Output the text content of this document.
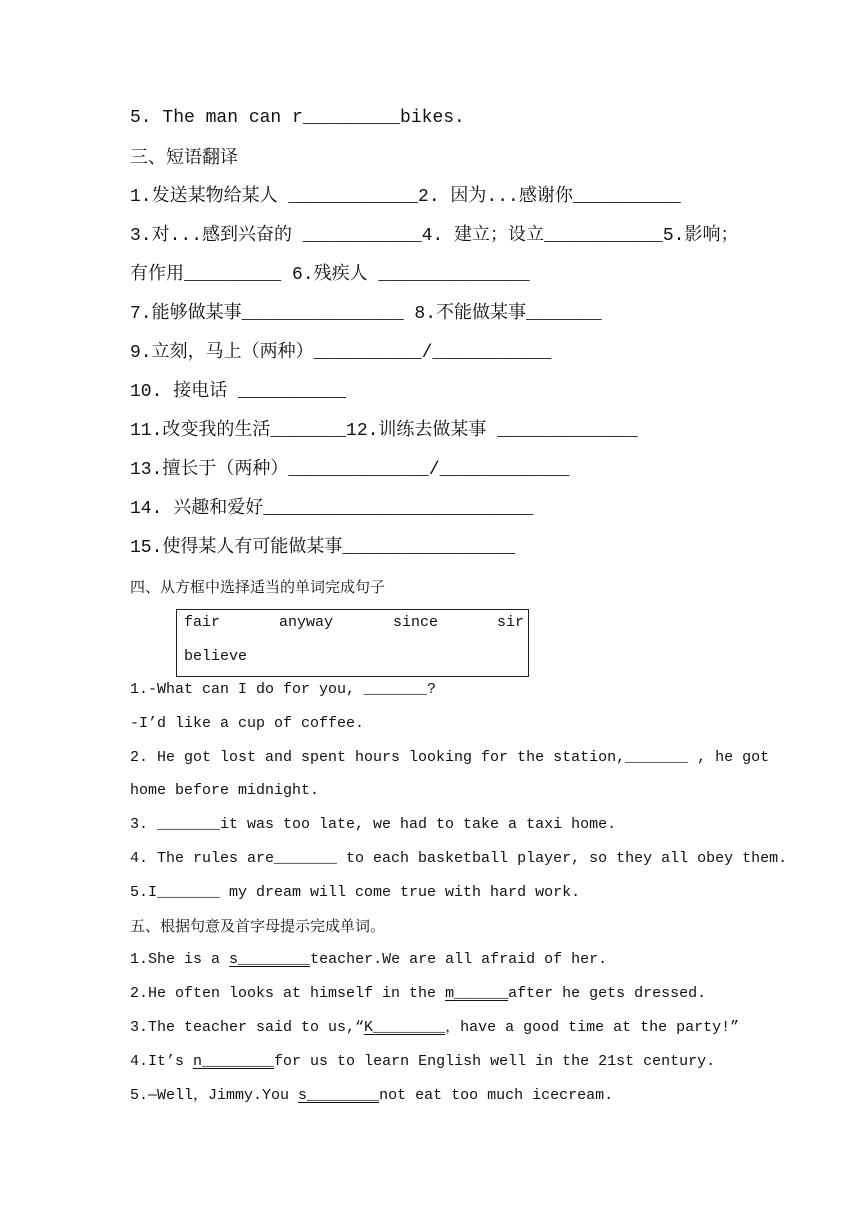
5. The man can r_________bikes.
三、短语翻译
1.发送某物给某人 ____________2. 因为...感谢你__________
3.对...感到兴奋的 ___________4. 建立；设立___________5.影响；
有作用_________ 6.残疾人 ______________
7.能够做某事_______________ 8.不能做某事_______
9.立刻，马上（两种）__________/___________
10. 接电话 __________
11.改变我的生活_______12.训练去做某事 _____________
13.擅长于（两种）_____________/____________
14. 兴趣和爱好_________________________
15.使得某人有可能做某事________________
四、从方框中选择适当的单词完成句子
fair	anyway	since	sir
believe
1.-What can I do for you, _______?
-I’d like a cup of coffee.
2. He got lost and spent hours looking for the station,_______ , he got
home before midnight.
3. _______it was too late, we had to take a taxi home.
4. The rules are_______ to each basketball player, so they all obey them.
5.I_______ my dream will come true with hard work.
五、根据句意及首字母提示完成单词。
1.She is a s________teacher.We are all afraid of her.
2.He often looks at himself in the m______after he gets dressed.
3.The teacher said to us,“K________，have a good time at the party!”
4.It’s n________for us to learn English well in the 21st century.
5.—Well，Jimmy.You s________not eat too much icecream.
